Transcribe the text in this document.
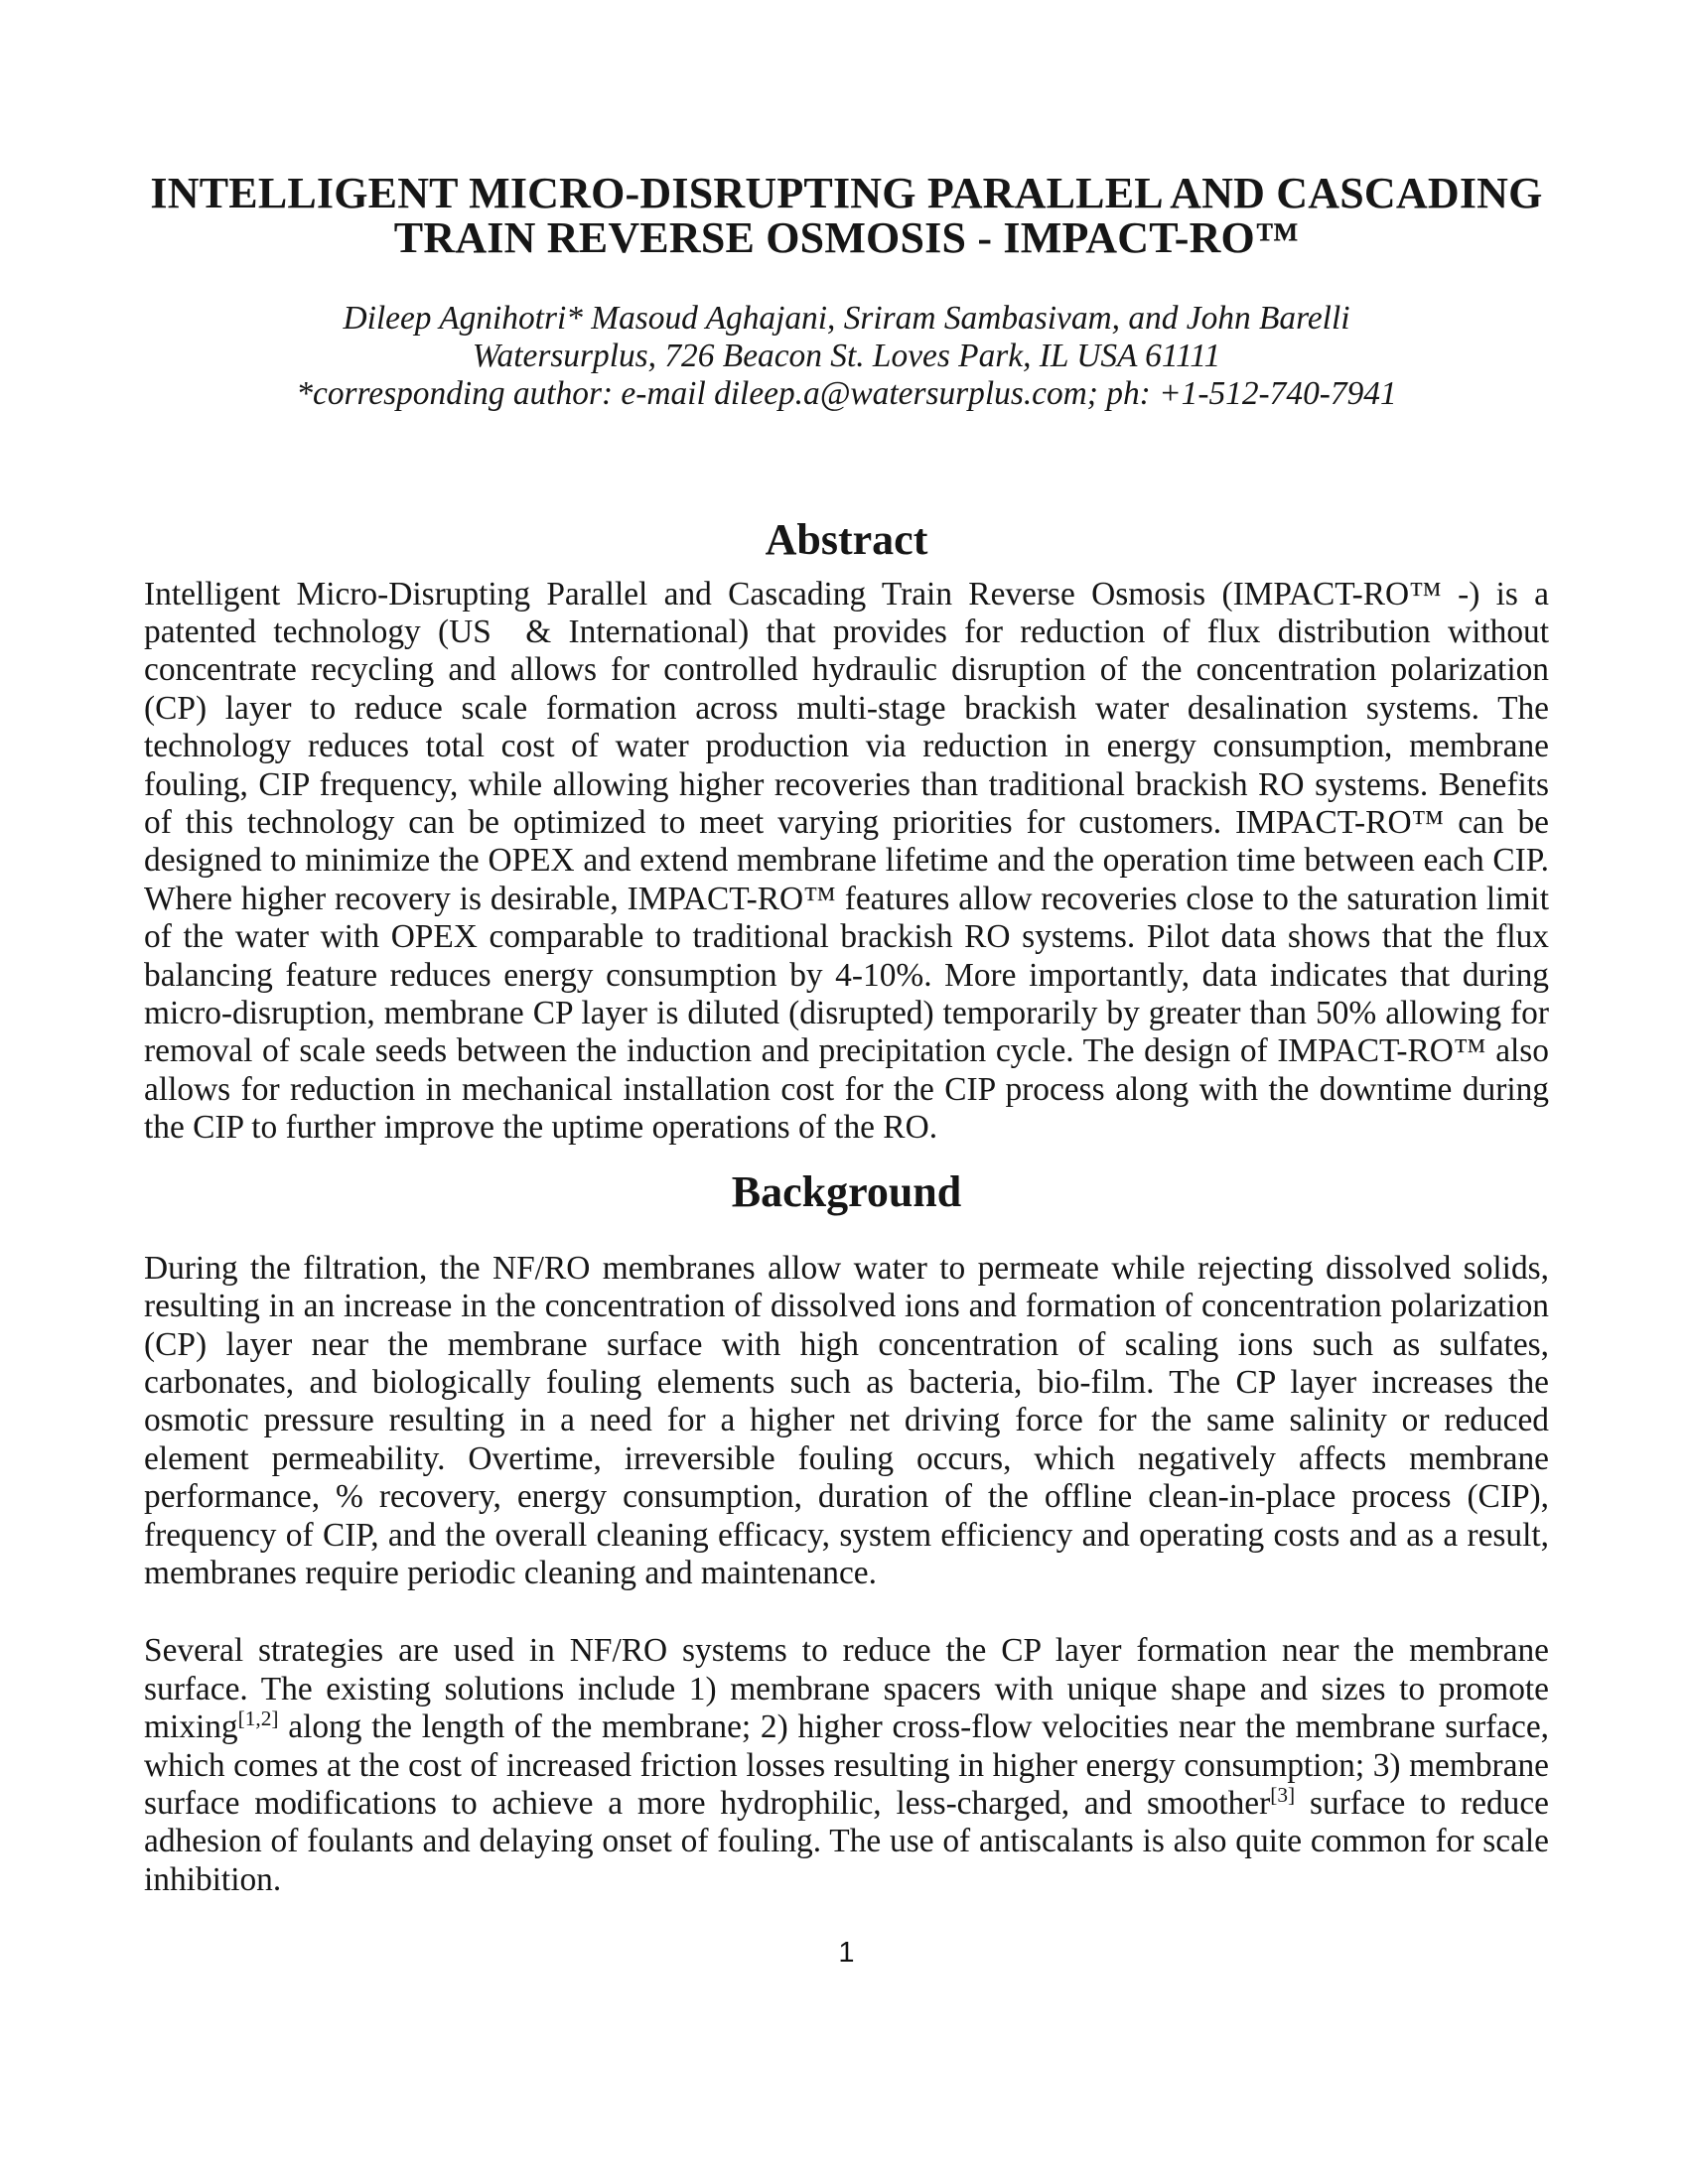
INTELLIGENT MICRO-DISRUPTING PARALLEL AND CASCADING
TRAIN REVERSE OSMOSIS - IMPACT-RO™

Dileep Agnihotri* Masoud Aghajani, Sriram Sambasivam, and John Barelli

Watersurplus, 726 Beacon St. Loves Park, IL USA 61111

*corresponding author: e-mail dileep.a@watersurplus.com; ph: +1-512-740-7941

Abstract

Intelligent Micro-Disrupting Parallel and Cascading Train Reverse Osmosis (IMPACT-RO™ -) is a patented technology (US  & International) that provides for reduction of flux distribution without concentrate recycling and allows for controlled hydraulic disruption of the concentration polarization (CP) layer to reduce scale formation across multi-stage brackish water desalination systems. The technology reduces total cost of water production via reduction in energy consumption, membrane fouling, CIP frequency, while allowing higher recoveries than traditional brackish RO systems. Benefits of this technology can be optimized to meet varying priorities for customers. IMPACT-RO™ can be designed to minimize the OPEX and extend membrane lifetime and the operation time between each CIP. Where higher recovery is desirable, IMPACT-RO™ features allow recoveries close to the saturation limit of the water with OPEX comparable to traditional brackish RO systems. Pilot data shows that the flux balancing feature reduces energy consumption by 4-10%. More importantly, data indicates that during micro-disruption, membrane CP layer is diluted (disrupted) temporarily by greater than 50% allowing for removal of scale seeds between the induction and precipitation cycle. The design of IMPACT-RO™ also allows for reduction in mechanical installation cost for the CIP process along with the downtime during the CIP to further improve the uptime operations of the RO.

Background

During the filtration, the NF/RO membranes allow water to permeate while rejecting dissolved solids, resulting in an increase in the concentration of dissolved ions and formation of concentration polarization (CP) layer near the membrane surface with high concentration of scaling ions such as sulfates, carbonates, and biologically fouling elements such as bacteria, bio-film. The CP layer increases the osmotic pressure resulting in a need for a higher net driving force for the same salinity or reduced element permeability. Overtime, irreversible fouling occurs, which negatively affects membrane performance, % recovery, energy consumption, duration of the offline clean-in-place process (CIP), frequency of CIP, and the overall cleaning efficacy, system efficiency and operating costs and as a result, membranes require periodic cleaning and maintenance.

Several strategies are used in NF/RO systems to reduce the CP layer formation near the membrane surface. The existing solutions include 1) membrane spacers with unique shape and sizes to promote mixing[1,2] along the length of the membrane; 2) higher cross-flow velocities near the membrane surface, which comes at the cost of increased friction losses resulting in higher energy consumption; 3) membrane surface modifications to achieve a more hydrophilic, less-charged, and smoother[3] surface to reduce adhesion of foulants and delaying onset of fouling. The use of antiscalants is also quite common for scale inhibition.

1
